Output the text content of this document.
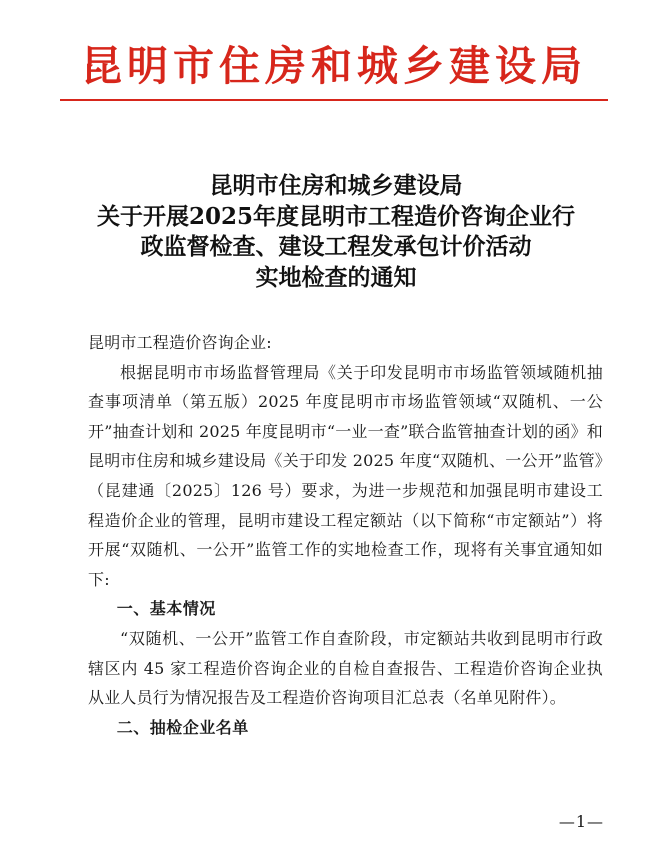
昆明市住房和城乡建设局
昆明市住房和城乡建设局
关于开展2025年度昆明市工程造价咨询企业行
政监督检查、建设工程发承包计价活动
实地检查的通知
昆明市工程造价咨询企业:
根据昆明市市场监督管理局《关于印发昆明市市场监管领域随机抽查事项清单（第五版）2025 年度昆明市市场监管领域“双随机、一公开”抽查计划和 2025 年度昆明市“一业一查”联合监管抽查计划的函》和昆明市住房和城乡建设局《关于印发 2025 年度“双随机、一公开”监管》（昆建通〔2025〕126 号）要求，为进一步规范和加强昆明市建设工程造价企业的管理，昆明市建设工程定额站（以下简称“市定额站”）将开展“双随机、一公开”监管工作的实地检查工作，现将有关事宜通知如下:
一、基本情况
“双随机、一公开”监管工作自查阶段，市定额站共收到昆明市行政辖区内 45 家工程造价咨询企业的自检自查报告、工程造价咨询企业执从业人员行为情况报告及工程造价咨询项目汇总表（名单见附件）。
二、抽检企业名单
—1—
